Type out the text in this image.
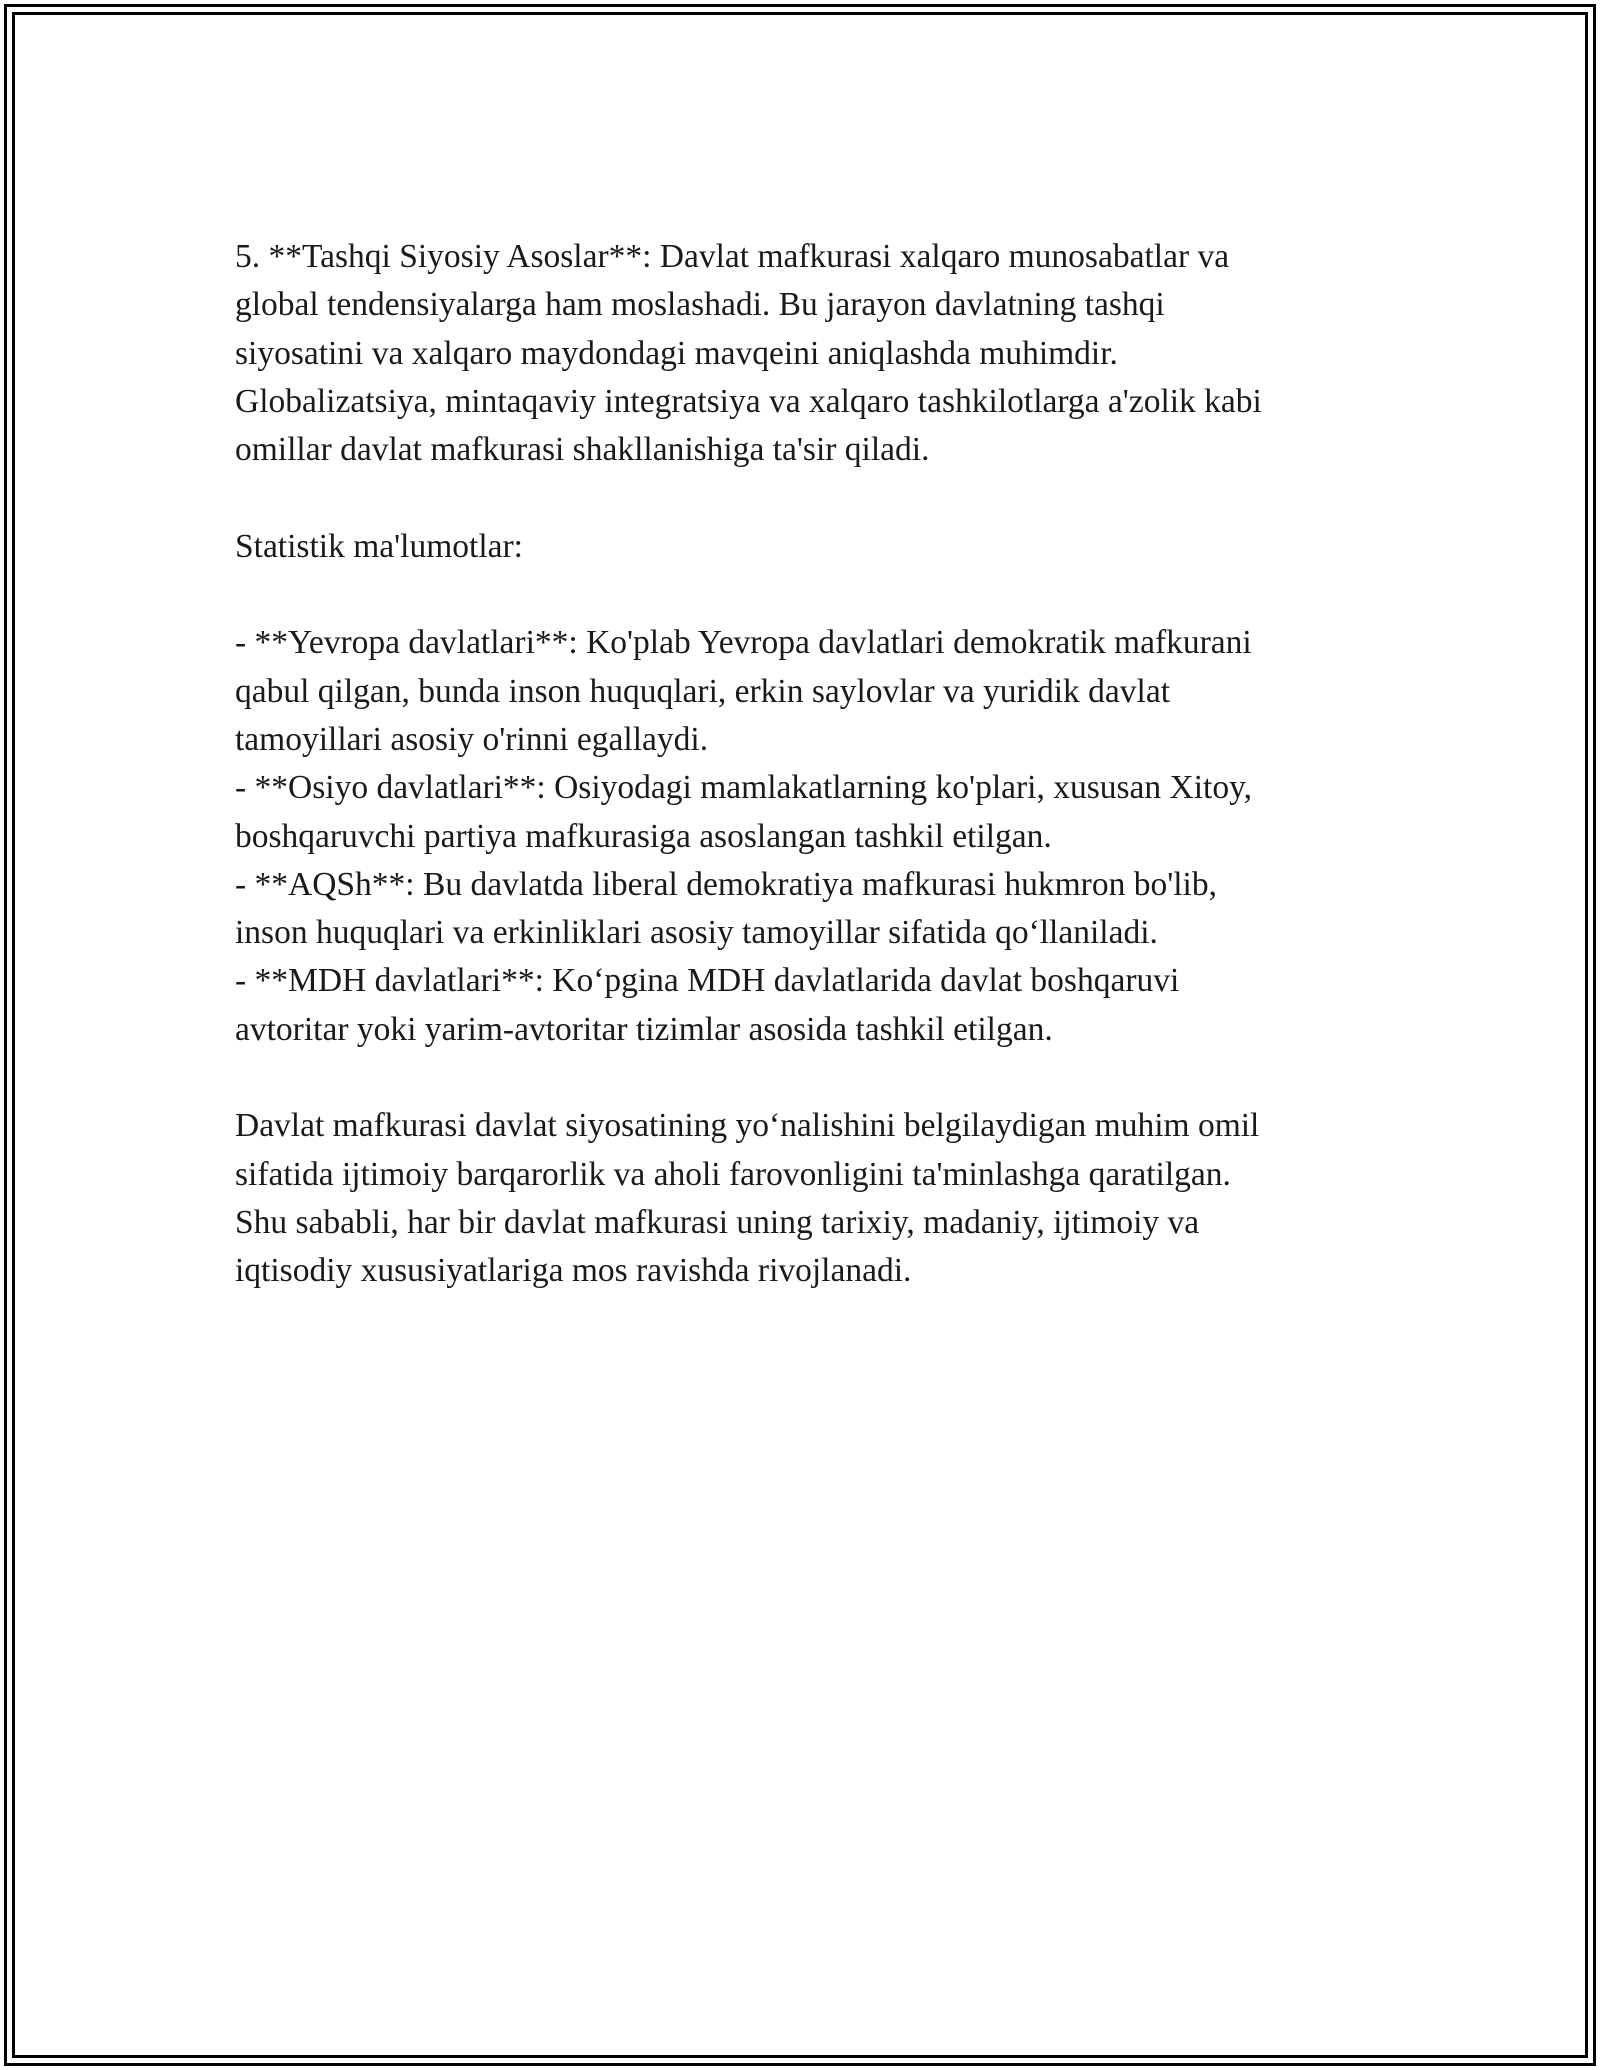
5. **Tashqi Siyosiy Asoslar**: Davlat mafkurasi xalqaro munosabatlar va
global tendensiyalarga ham moslashadi. Bu jarayon davlatning tashqi
siyosatini va xalqaro maydondagi mavqeini aniqlashda muhimdir.
Globalizatsiya, mintaqaviy integratsiya va xalqaro tashkilotlarga a'zolik kabi
omillar davlat mafkurasi shakllanishiga ta'sir qiladi.
Statistik ma'lumotlar:
- **Yevropa davlatlari**: Ko'plab Yevropa davlatlari demokratik mafkurani
qabul qilgan, bunda inson huquqlari, erkin saylovlar va yuridik davlat
tamoyillari asosiy o'rinni egallaydi.
- **Osiyo davlatlari**: Osiyodagi mamlakatlarning ko'plari, xususan Xitoy,
boshqaruvchi partiya mafkurasiga asoslangan tashkil etilgan.
- **AQSh**: Bu davlatda liberal demokratiya mafkurasi hukmron bo'lib,
inson huquqlari va erkinliklari asosiy tamoyillar sifatida qo‘llaniladi.
- **MDH davlatlari**: Ko‘pgina MDH davlatlarida davlat boshqaruvi
avtoritar yoki yarim-avtoritar tizimlar asosida tashkil etilgan.
Davlat mafkurasi davlat siyosatining yo‘nalishini belgilaydigan muhim omil
sifatida ijtimoiy barqarorlik va aholi farovonligini ta'minlashga qaratilgan.
Shu sababli, har bir davlat mafkurasi uning tarixiy, madaniy, ijtimoiy va
iqtisodiy xususiyatlariga mos ravishda rivojlanadi.
